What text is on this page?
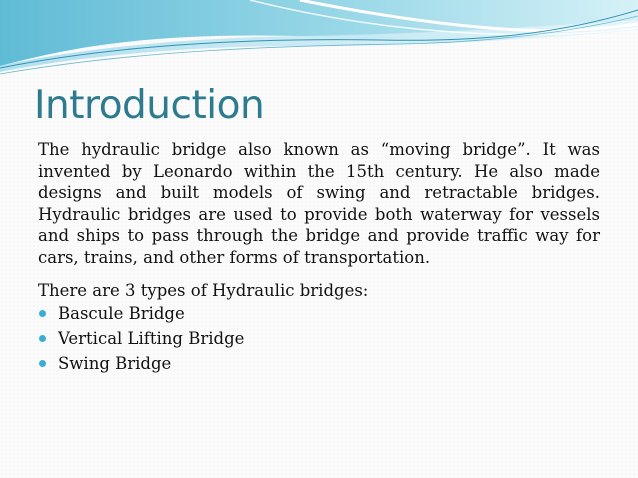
Introduction

The hydraulic bridge also known as “moving bridge”. It was invented by Leonardo within the 15th century. He also made designs and built models of swing and retractable bridges. Hydraulic bridges are used to provide both waterway for vessels and ships to pass through the bridge and provide traffic way for cars, trains, and other forms of transportation.

There are 3 types of Hydraulic bridges:

Bascule Bridge
Vertical Lifting Bridge
Swing Bridge
